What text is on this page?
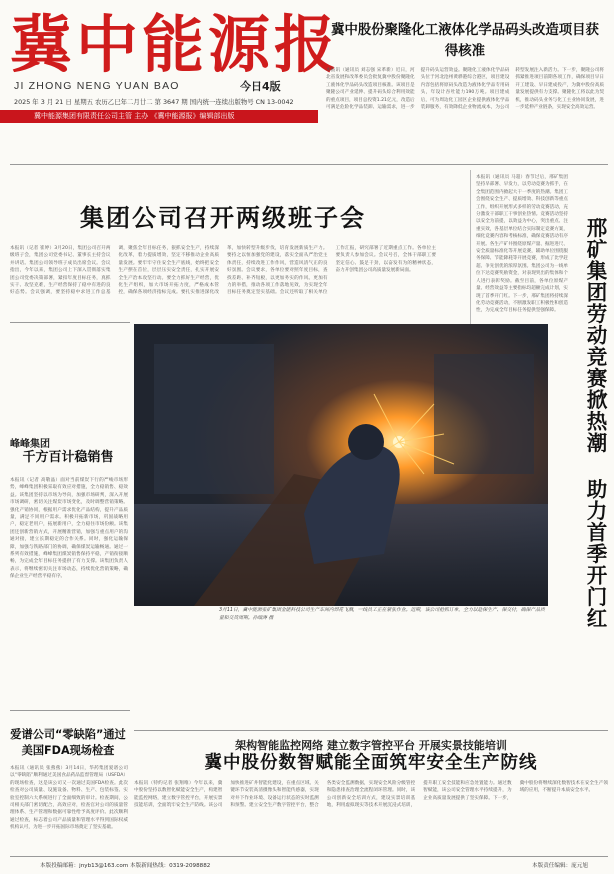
冀中能源报
JI ZHONG NENG YUAN BAO	今日4版
2025 年 3 月 21 日 星期五 农历乙巳年二月廿二 第 3647 期 国内统一连续出版物号 CN 13-0042
冀中能源集团有限责任公司主管 主办 《冀中能源报》编辑部出版
冀中股份聚隆化工液体化学品码头改造项目获得核准
本报讯（通讯员 刘志强 宋革新）近日，河北省发展和改革委员会批复冀中股份聚隆化工液体化学品码头改造项目核准。该项目是聚隆公司产业延伸、提升码头综合利用效能的重点项目，项目总投资1.21亿元，改造后可满足危险化学品装卸、运输需求，进一步提升码头运营效益。聚隆化工液体化学品码头位于河北沧州黄骅港综合港区，项目建设内容包括将原码头改造为液体化学品专用码头，年设计吞吐能力190万吨。项目建成后，可为周边化工园区企业提供液体化学品装卸服务，有效降低企业物流成本，为公司转型发展注入新活力。下一步，聚隆公司将抓紧推进项目前期各项工作，确保项目早日开工建设、早日建成投产，为冀中股份高质量发展提供有力支撑。聚隆化工将以此为契机，推动码头业务与化工主业协同发展，进一步延伸产业链条，实现安全高效运营。
集团公司召开两级班子会
本报讯（记者 崔婷）3月20日，集团公司召开两级班子会，集团公司党委书记、董事长主持会议并讲话。集团公司领导班子成员出席会议。会议指出，今年以来，集团公司上下深入贯彻落实集团公司党委决策部署，紧扣年度目标任务，真抓实干、攻坚克难，生产经营保持了稳中有进的良好态势。会议强调，要坚持稳中求进工作总基调，聚焦全年目标任务，狠抓安全生产，持续深化改革，着力提质增效，坚定不移推动企业高质量发展。要牢牢守住安全生产底线，始终把安全生产摆在首位，层层压实安全责任，扎实开展安全生产治本攻坚行动。要全力抓好生产经营，优化生产组织，加大市场开拓力度，严格成本管控，确保各项经济指标完成。要扎实推进深化改革，加快转型升级步伐，培育发展新质生产力。要持之以恒加强党的建设，落实全面从严治党主体责任，持续改进工作作风，营造风清气正的良好氛围。会议要求，各单位要对照年度目标，查找差距、补齐短板，以更加务实的作风、更加有力的举措，推动各项工作落地见效，为实现全年目标任务奠定坚实基础。会议还听取了相关单位工作汇报，研究部署了近期重点工作。各单位主要负责人参加会议。会议号召，全体干部职工要坚定信心、鼓足干劲，以奋发有为的精神状态，奋力开创集团公司高质量发展新局面。
本报讯（通讯员 马超）春节过后，邢矿集团坚持早部署、早发力，以劳动竞赛为抓手，在全集团范围内掀起大干一季度的热潮。集团工会围绕安全生产、提质增效、科技创新等重点工作，组织开展形式多样的劳动竞赛活动，充分激发干部职工干事创业热情。竞赛活动坚持以安全为前提，以效益为中心，突出重点、注重实效，各基层单位结合实际制定竞赛方案，细化竞赛内容和考核标准，确保竞赛活动有序开展。各生产矿井围绕原煤产量、掘进进尺、安全质量标准化等开展竞赛，辅助单位围绕服务保障、节能降耗等开展竞赛，形成了比学赶超、争先创优的浓厚氛围。集团公司为一线单位下达竞赛奖励资金，对表现突出的集体和个人进行表彰奖励。截至目前，各单位原煤产量、经营效益等主要指标均超额完成计划，实现了首季开门红。下一步，邢矿集团将持续深化劳动竞赛活动，不断激发职工积极性和创造性，为完成全年目标任务提供坚强保障。	邢矿集团劳动竞赛掀热潮 助力首季开门红
峰峰集团
千方百计稳销售
本报讯（记者 高敬晶）面对当前煤炭下行的严峻市场形势，峰峰集团积极采取有效应对措施，全力稳销售、稳效益。该集团坚持以市场为导向，加强市场研判，深入开展市场调研，密切关注煤炭市场变化，及时调整营销策略。强化产销协同，根据用户需求优化产品结构，提升产品质量，满足不同用户需求。积极开拓新市场，巩固战略用户，稳定老用户，拓展新用户，全力稳住市场份额。该集团还创新营销方式，开展精准营销，加强与重点用户的沟通对接，建立长期稳定的合作关系。同时，强化运输保障，加强与铁路部门的协调，确保煤炭运输畅通。通过一系列有效措施，峰峰集团煤炭销售保持平稳，产销衔接顺畅，为完成全年目标任务提供了有力支撑。该集团负责人表示，将继续密切关注市场动态，持续优化营销策略，确保企业生产经营平稳有序。
3月11日，冀中能源张矿集团金能科技公司生产车间内焊花飞溅，一线员工正在紧张作业。近期，该公司抢抓订单，全力以赴保生产、保交付，确保产品质量和交货周期。孙瑞涛 摄
爱谱公司“零缺陷”通过美国FDA现场检查
本报讯（通讯员 张燕燕）3月14日，华药集团爱谱公司以“零缺陷”顺利通过美国食品药品监督管理局（USFDA）的现场检查，这是该公司又一次通过美国FDA检查。此次检查对公司质量、设施设备、物料、生产、包装标签、实验室控制六大系统进行了全面细致的审计。检查期间，公司相关部门密切配合，高效应对，检查官对公司的质量管理体系、生产管理和数据可靠性给予高度评价。此次顺利通过检查，标志着公司产品质量和管理水平得到国际权威机构认可，为进一步开拓国际市场奠定了坚实基础。
架构智能监控网络 建立数字管控平台 开展实景技能培训
冀中股份数智赋能全面筑牢安全生产防线
本报讯（特约记者 张翔唯）今年以来，冀中股份坚持以数智化赋能安全生产，构建智能监控网络，建立数字管控平台，开展实景技能培训，全面筑牢安全生产防线。该公司加快推进矿井智能化建设，在重点区域、关键环节安装高清摄像头和智能传感器，实现对井下作业环境、设备运行状态的实时监测和预警。建立安全生产数字管控平台，整合各类安全监测数据，实现安全风险分级管控和隐患排查治理全流程闭环管理。同时，该公司创新安全培训方式，建设实景培训基地，利用虚拟现实等技术开展沉浸式培训，提升职工安全技能和应急处置能力。通过数智赋能，该公司安全管理水平持续提升，为企业高质量发展提供了坚实保障。下一步，冀中股份将继续深化数智技术在安全生产领域的应用，不断提升本质安全水平。
本版投稿邮箱：jnyb13@163.com 本版新闻热线：0319-2098882	本版责任编辑：庞元旭
